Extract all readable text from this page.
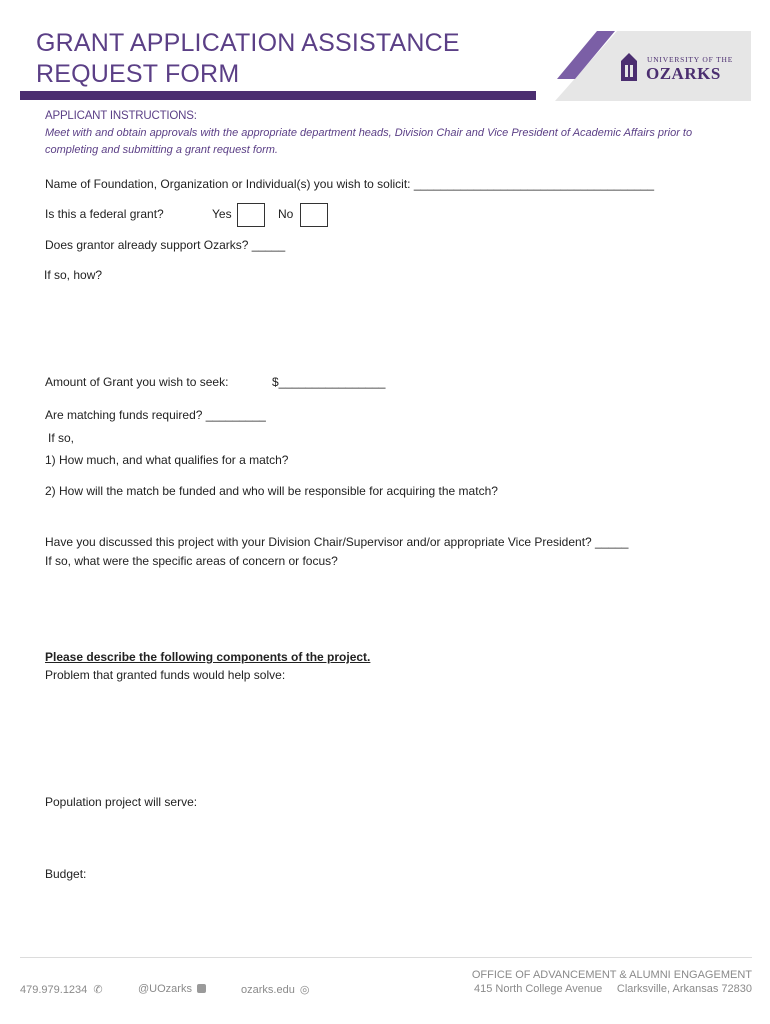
GRANT APPLICATION ASSISTANCE
REQUEST FORM
UNIVERSITY OF THE
OZARKS
APPLICANT INSTRUCTIONS:
Meet with and obtain approvals with the appropriate department heads, Division Chair and Vice President of Academic Affairs prior to completing and submitting a grant request form.
Name of Foundation, Organization or Individual(s) you wish to solicit: ____________________________________
Is this a federal grant?	Yes	No
Does grantor already support Ozarks? _____
If so, how?
Amount of Grant you wish to seek:	$________________
Are matching funds required? _________
If so,
1) How much, and what qualifies for a match?
2) How will the match be funded and who will be responsible for acquiring the match?
Have you discussed this project with your Division Chair/Supervisor and/or appropriate Vice President? _____
If so, what were the specific areas of concern or focus?
Please describe the following components of the project.
Problem that granted funds would help solve:
Population project will serve:
Budget:
479.979.1234 ✆	@UOzarks	ozarks.edu ◎
OFFICE OF ADVANCEMENT & ALUMNI ENGAGEMENT
415 North College Avenue Clarksville, Arkansas 72830
